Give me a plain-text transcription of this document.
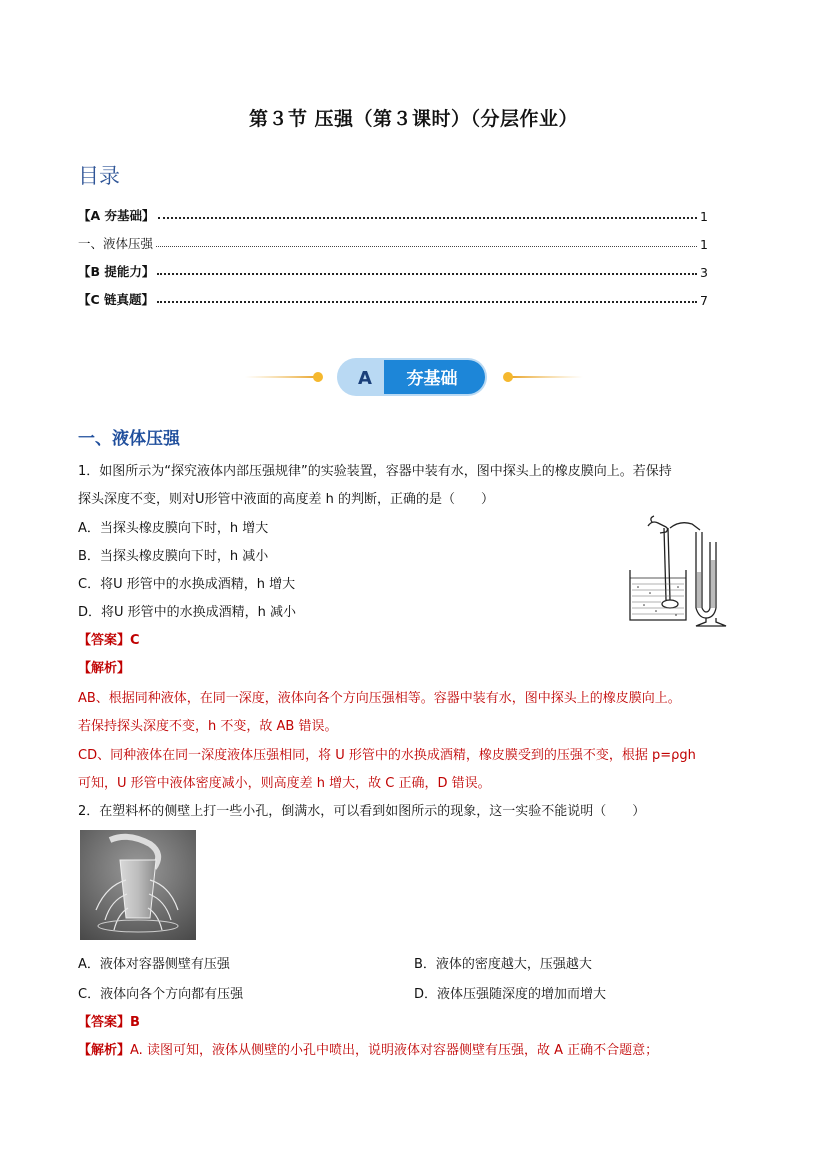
第３节 压强（第３课时）（分层作业）
目录
【A 夯基础】	1
一、液体压强	1
【B 提能力】	3
【C 链真题】	7
A 夯基础
一、液体压强
1．如图所示为“探究液体内部压强规律”的实验装置，容器中装有水，图中探头上的橡皮膜向上。若保持
探头深度不变，则对U形管中液面的高度差 h 的判断，正确的是（　　）
A．当探头橡皮膜向下时，h 增大
B．当探头橡皮膜向下时，h 减小
C．将U 形管中的水换成酒精，h 增大
D．将U 形管中的水换成酒精，h 减小
【答案】C
【解析】
AB、根据同种液体，在同一深度，液体向各个方向压强相等。容器中装有水，图中探头上的橡皮膜向上。
若保持探头深度不变，h 不变，故 AB 错误。
CD、同种液体在同一深度液体压强相同，将 U 形管中的水换成酒精，橡皮膜受到的压强不变，根据 p=ρgh
可知，U 形管中液体密度减小，则高度差 h 增大，故 C 正确，D 错误。
2．在塑料杯的侧壁上打一些小孔，倒满水，可以看到如图所示的现象，这一实验不能说明（　　）
A．液体对容器侧壁有压强	B．液体的密度越大，压强越大
C．液体向各个方向都有压强	D．液体压强随深度的增加而增大
【答案】B
【解析】A. 读图可知，液体从侧壁的小孔中喷出，说明液体对容器侧壁有压强，故 A 正确不合题意；
